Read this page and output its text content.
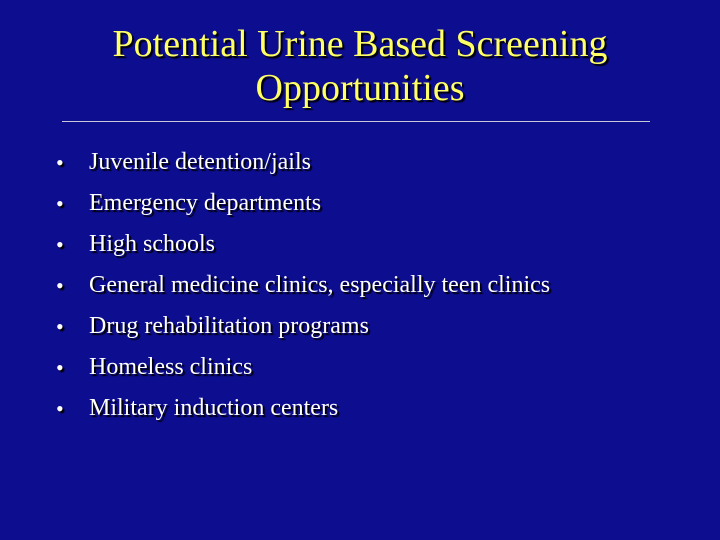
Potential Urine Based Screening
Opportunities
•	Juvenile detention/jails
•	Emergency departments
•	High schools
•	General medicine clinics, especially teen clinics
•	Drug rehabilitation programs
•	Homeless clinics
•	Military induction centers
